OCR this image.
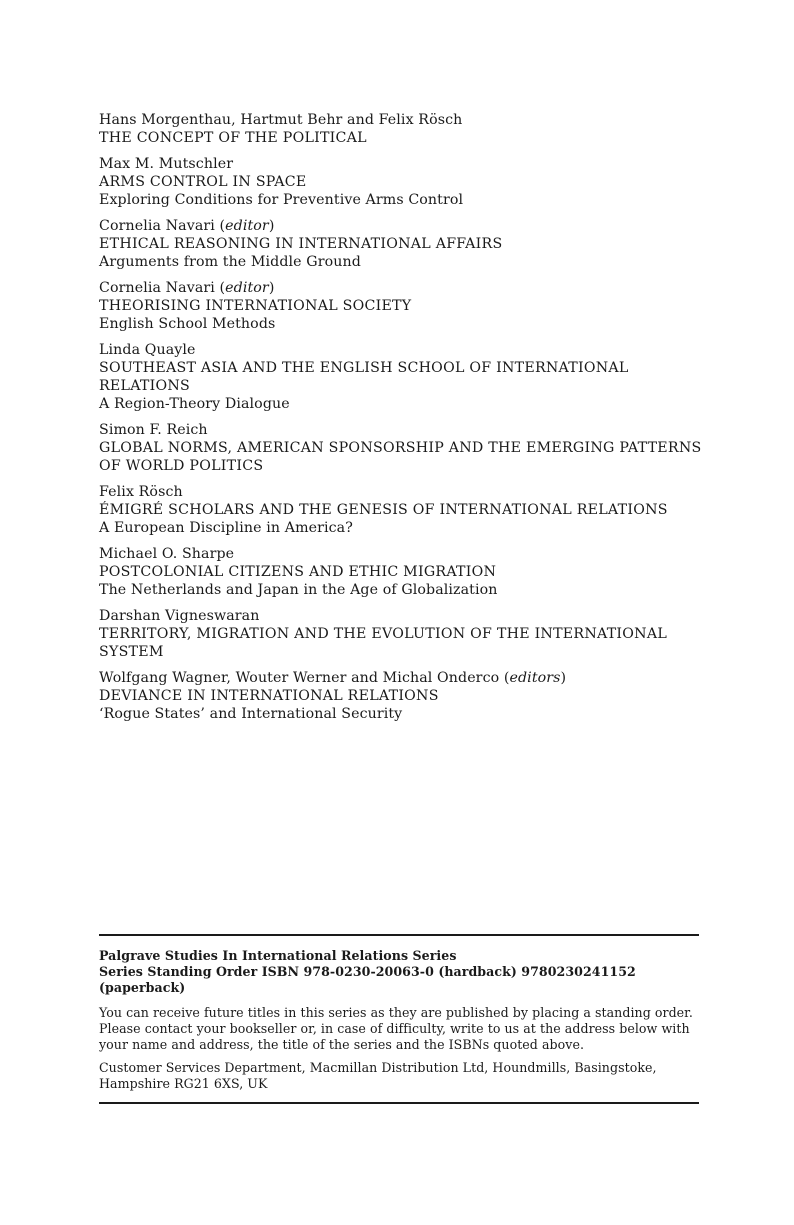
Hans Morgenthau, Hartmut Behr and Felix Rösch
THE CONCEPT OF THE POLITICAL
Max M. Mutschler
ARMS CONTROL IN SPACE
Exploring Conditions for Preventive Arms Control
Cornelia Navari (editor)
ETHICAL REASONING IN INTERNATIONAL AFFAIRS
Arguments from the Middle Ground
Cornelia Navari (editor)
THEORISING INTERNATIONAL SOCIETY
English School Methods
Linda Quayle
SOUTHEAST ASIA AND THE ENGLISH SCHOOL OF INTERNATIONAL RELATIONS
A Region-Theory Dialogue
Simon F. Reich
GLOBAL NORMS, AMERICAN SPONSORSHIP AND THE EMERGING PATTERNS OF WORLD POLITICS
Felix Rösch
ÉMIGRÉ SCHOLARS AND THE GENESIS OF INTERNATIONAL RELATIONS
A European Discipline in America?
Michael O. Sharpe
POSTCOLONIAL CITIZENS AND ETHIC MIGRATION
The Netherlands and Japan in the Age of Globalization
Darshan Vigneswaran
TERRITORY, MIGRATION AND THE EVOLUTION OF THE INTERNATIONAL SYSTEM
Wolfgang Wagner, Wouter Werner and Michal Onderco (editors)
DEVIANCE IN INTERNATIONAL RELATIONS
‘Rogue States’ and International Security
Palgrave Studies In International Relations Series
Series Standing Order ISBN 978-0230-20063-0 (hardback) 9780230241152 (paperback)
You can receive future titles in this series as they are published by placing a standing order. Please contact your bookseller or, in case of difficulty, write to us at the address below with your name and address, the title of the series and the ISBNs quoted above.
Customer Services Department, Macmillan Distribution Ltd, Houndmills, Basingstoke, Hampshire RG21 6XS, UK
